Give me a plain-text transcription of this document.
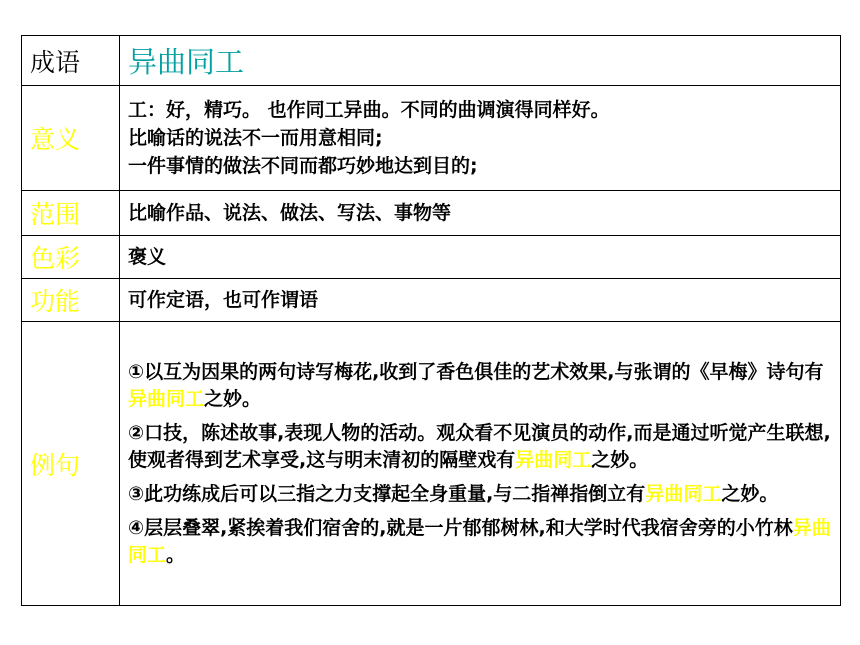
成语	异曲同工
意义	工：好，精巧。 也作同工异曲。不同的曲调演得同样好。
比喻话的说法不一而用意相同;
一件事情的做法不同而都巧妙地达到目的;

范围	比喻作品、说法、做法、写法、事物等
色彩	褒义
功能	可作定语，也可作谓语
例句	①以互为因果的两句诗写梅花,收到了香色俱佳的艺术效果,与张谓的《早梅》诗句有异曲同工之妙。
②口技，陈述故事,表现人物的活动。观众看不见演员的动作,而是通过听觉产生联想,使观者得到艺术享受,这与明末清初的隔壁戏有异曲同工之妙。
③此功练成后可以三指之力支撑起全身重量,与二指禅指倒立有异曲同工之妙。
④层层叠翠,紧挨着我们宿舍的,就是一片郁郁树林,和大学时代我宿舍旁的小竹林异曲同工。
